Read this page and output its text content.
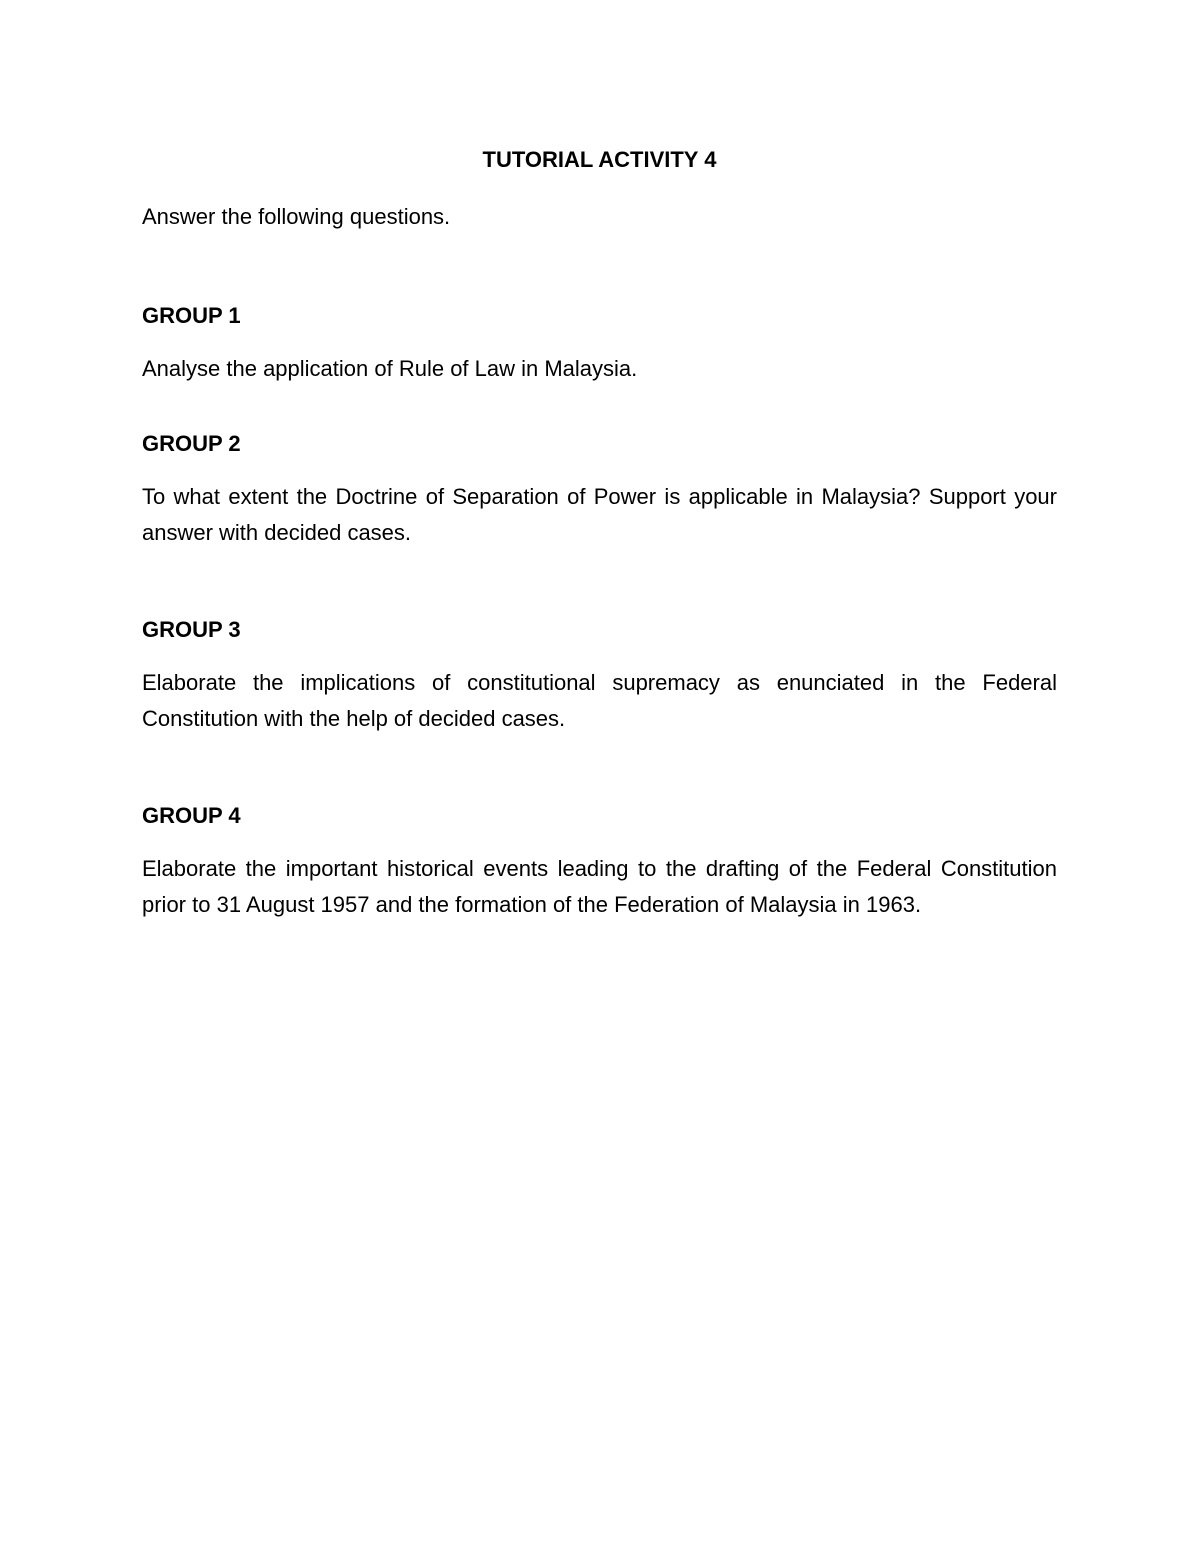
TUTORIAL ACTIVITY 4

Answer the following questions.

GROUP 1

Analyse the application of Rule of Law in Malaysia.

GROUP 2

To what extent the Doctrine of Separation of Power is applicable in Malaysia? Support your answer with decided cases.

GROUP 3

Elaborate the implications of constitutional supremacy as enunciated in the Federal Constitution with the help of decided cases.

GROUP 4

Elaborate the important historical events leading to the drafting of the Federal Constitution prior to 31 August 1957 and the formation of the Federation of Malaysia in 1963.
